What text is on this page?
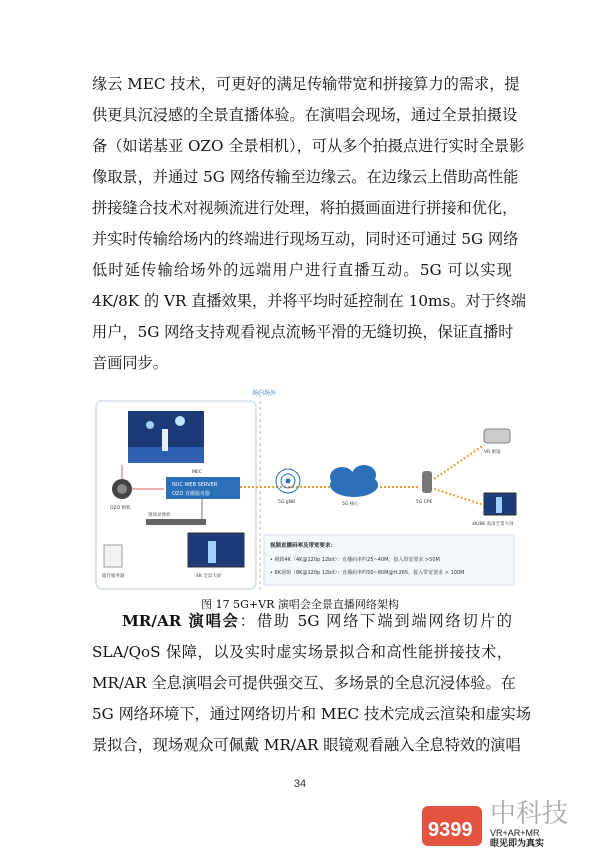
缘云 MEC 技术，可更好的满足传输带宽和拼接算力的需求，提
供更具沉浸感的全景直播体验。在演唱会现场，通过全景拍摄设
备（如诺基亚 OZO 全景相机），可从多个拍摄点进行实时全景影
像取景，并通过 5G 网络传输至边缘云。在边缘云上借助高性能
拼接缝合技术对视频流进行处理，将拍摄画面进行拼接和优化，
并实时传输给场内的终端进行现场互动，同时还可通过 5G 网络
低时延传输给场外的远端用户进行直播互动。5G 可以实现
4K/8K 的 VR 直播效果，并将平均时延控制在 10ms。对于终端
用户，5G 网络支持观看视点流畅平滑的无缝切换，保证直播时
音画同步。
场内 场外
OZO 相机
MEC
NUC WEB SERVER
OZO 直播服务器
现场录像机
储存服务器	4K 全景大屏
5G gNB	5G 核心	5G CPE
VR 眼镜
4K/8K 高清全景大屏
视频直播码率及带宽要求：
• 极致4K（4K@120p 12bit）：直播码率约25~40M，接入带宽要求 >50M
• 8K视频（8K@120p 12bit）：直播码率约50~80M@H.265，接入带宽要求 > 100M
图 17 5G+VR 演唱会全景直播网络架构
MR/AR 演唱会：借助 5G 网络下端到端网络切片的
SLA/QoS 保障，以及实时虚实场景拟合和高性能拼接技术，
MR/AR 全息演唱会可提供强交互、多场景的全息沉浸体验。在
5G 网络环境下，通过网络切片和 MEC 技术完成云渲染和虚实场
景拟合，现场观众可佩戴 MR/AR 眼镜观看融入全息特效的演唱
34
9399
中科技
VR+AR+MR
眼见即为真实
